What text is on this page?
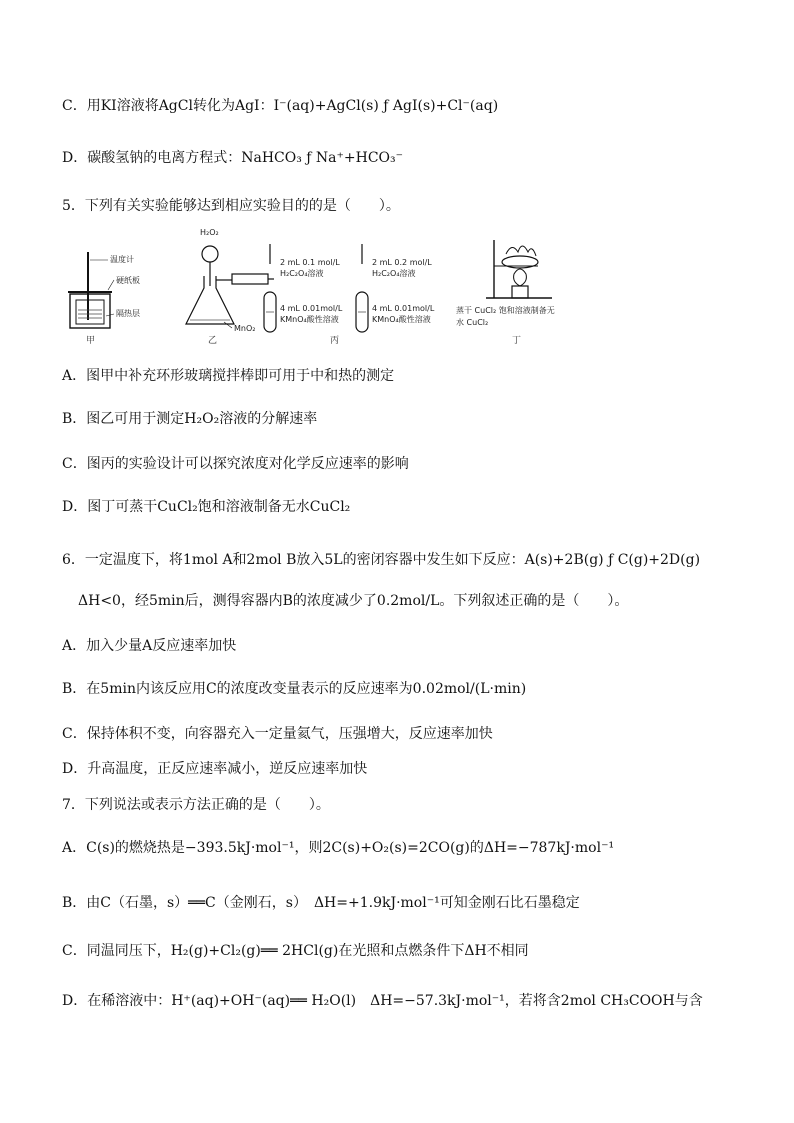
C．用KI溶液将AgCl转化为AgI：I⁻(aq)+AgCl(s) ƒ AgI(s)+Cl⁻(aq)
D．碳酸氢钠的电离方程式：NaHCO₃ ƒ Na⁺+HCO₃⁻
5．下列有关实验能够达到相应实验目的的是（　　）。
温度计
硬纸板
隔热层
甲
H₂O₂
MnO₂
乙
2 mL 0.1 mol/L
H₂C₂O₄溶液
4 mL 0.01mol/L
KMnO₄酸性溶液
2 mL 0.2 mol/L
H₂C₂O₄溶液
4 mL 0.01mol/L
KMnO₄酸性溶液
丙
蒸干 CuCl₂ 饱和溶液制备无
水 CuCl₂
丁
A．图甲中补充环形玻璃搅拌棒即可用于中和热的测定
B．图乙可用于测定H₂O₂溶液的分解速率
C．图丙的实验设计可以探究浓度对化学反应速率的影响
D．图丁可蒸干CuCl₂饱和溶液制备无水CuCl₂
6．一定温度下，将1mol A和2mol B放入5L的密闭容器中发生如下反应：A(s)+2B(g) ƒ C(g)+2D(g)
ΔH<0，经5min后，测得容器内B的浓度减少了0.2mol/L。下列叙述正确的是（　　）。
A．加入少量A反应速率加快
B．在5min内该反应用C的浓度改变量表示的反应速率为0.02mol/(L·min)
C．保持体积不变，向容器充入一定量氦气，压强增大，反应速率加快
D．升高温度，正反应速率减小，逆反应速率加快
7．下列说法或表示方法正确的是（　　）。
A．C(s)的燃烧热是−393.5kJ·mol⁻¹，则2C(s)+O₂(s)=2CO(g)的ΔH=−787kJ·mol⁻¹
B．由C（石墨，s）══C（金刚石，s）　ΔH=+1.9kJ·mol⁻¹可知金刚石比石墨稳定
C．同温同压下，H₂(g)+Cl₂(g)══ 2HCl(g)在光照和点燃条件下ΔH不相同
D．在稀溶液中：H⁺(aq)+OH⁻(aq)══ H₂O(l)　ΔH=−57.3kJ·mol⁻¹，若将含2mol CH₃COOH与含
